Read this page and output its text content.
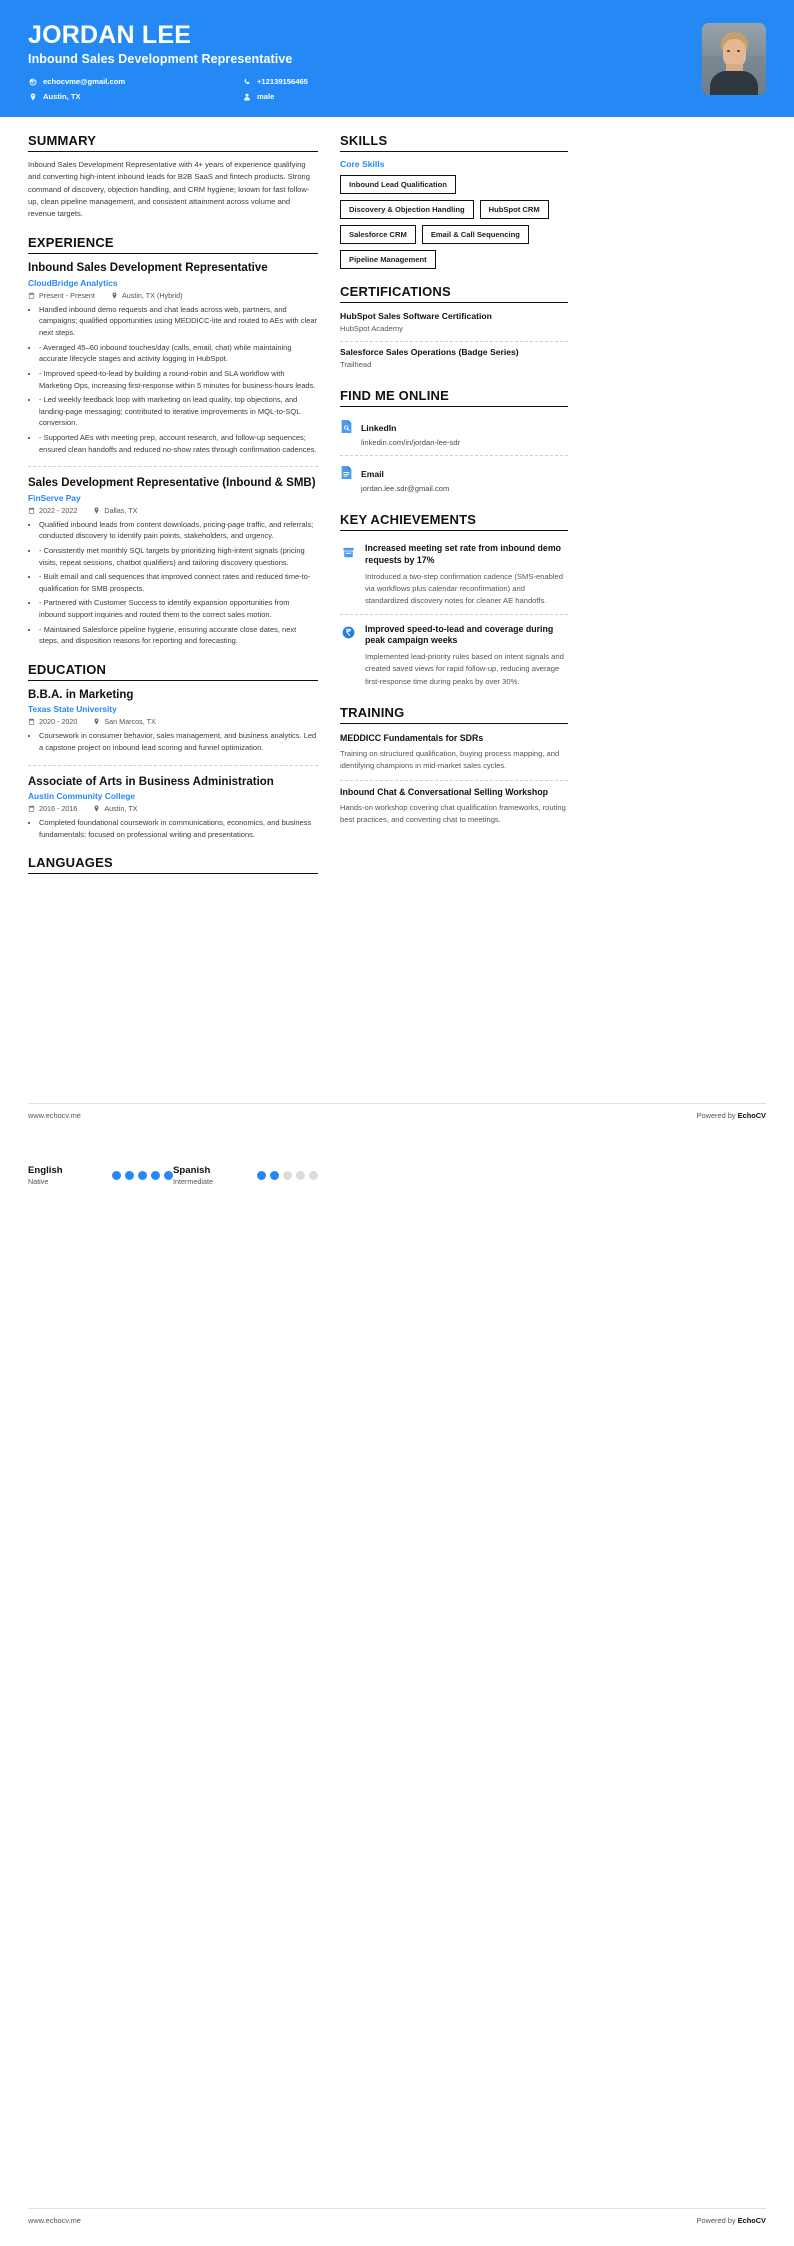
JORDAN LEE
Inbound Sales Development Representative
echocvme@gmail.com	+12139156465
Austin, TX	male
SUMMARY
Inbound Sales Development Representative with 4+ years of experience qualifying and converting high-intent inbound leads for B2B SaaS and fintech products. Strong command of discovery, objection handling, and CRM hygiene; known for fast follow-up, clean pipeline management, and consistent attainment across volume and revenue targets.
EXPERIENCE
Inbound Sales Development Representative
CloudBridge Analytics
Present - Present	Austin, TX (Hybrid)
• Handled inbound demo requests and chat leads across web, partners, and campaigns; qualified opportunities using MEDDICC-lite and routed to AEs with clear next steps.
• - Averaged 45–60 inbound touches/day (calls, email, chat) while maintaining accurate lifecycle stages and activity logging in HubSpot.
• - Improved speed-to-lead by building a round-robin and SLA workflow with Marketing Ops, increasing first-response within 5 minutes for business-hours leads.
• - Led weekly feedback loop with marketing on lead quality, top objections, and landing-page messaging; contributed to iterative improvements in MQL-to-SQL conversion.
• - Supported AEs with meeting prep, account research, and follow-up sequences; ensured clean handoffs and reduced no-show rates through confirmation cadences.
Sales Development Representative (Inbound & SMB)
FinServe Pay
2022 - 2022	Dallas, TX
• Qualified inbound leads from content downloads, pricing-page traffic, and referrals; conducted discovery to identify pain points, stakeholders, and urgency.
• - Consistently met monthly SQL targets by prioritizing high-intent signals (pricing visits, repeat sessions, chatbot qualifiers) and tailoring discovery questions.
• - Built email and call sequences that improved connect rates and reduced time-to-qualification for SMB prospects.
• - Partnered with Customer Success to identify expansion opportunities from inbound support inquiries and routed them to the correct sales motion.
• - Maintained Salesforce pipeline hygiene, ensuring accurate close dates, next steps, and disposition reasons for reporting and forecasting.
EDUCATION
B.B.A. in Marketing
Texas State University
2020 - 2020	San Marcos, TX
• Coursework in consumer behavior, sales management, and business analytics. Led a capstone project on inbound lead scoring and funnel optimization.
Associate of Arts in Business Administration
Austin Community College
2016 - 2016	Austin, TX
• Completed foundational coursework in communications, economics, and business fundamentals; focused on professional writing and presentations.
LANGUAGES
SKILLS
Core Skills
Inbound Lead Qualification
Discovery & Objection Handling	HubSpot CRM
Salesforce CRM	Email & Call Sequencing
Pipeline Management
CERTIFICATIONS
HubSpot Sales Software Certification
HubSpot Academy
Salesforce Sales Operations (Badge Series)
Trailhead
FIND ME ONLINE
LinkedIn
linkedin.com/in/jordan-lee-sdr
Email
jordan.lee.sdr@gmail.com
KEY ACHIEVEMENTS
Increased meeting set rate from inbound demo requests by 17%
Introduced a two-step confirmation cadence (SMS-enabled via workflows plus calendar reconfirmation) and standardized discovery notes for cleaner AE handoffs.
Improved speed-to-lead and coverage during peak campaign weeks
Implemented lead-priority rules based on intent signals and created saved views for rapid follow-up, reducing average first-response time during peaks by over 30%.
TRAINING
MEDDICC Fundamentals for SDRs
Training on structured qualification, buying process mapping, and identifying champions in mid-market sales cycles.
Inbound Chat & Conversational Selling Workshop
Hands-on workshop covering chat qualification frameworks, routing best practices, and converting chat to meetings.
www.echocv.me	Powered by EchoCV
English
Native
Spanish
Intermediate
www.echocv.me	Powered by EchoCV
